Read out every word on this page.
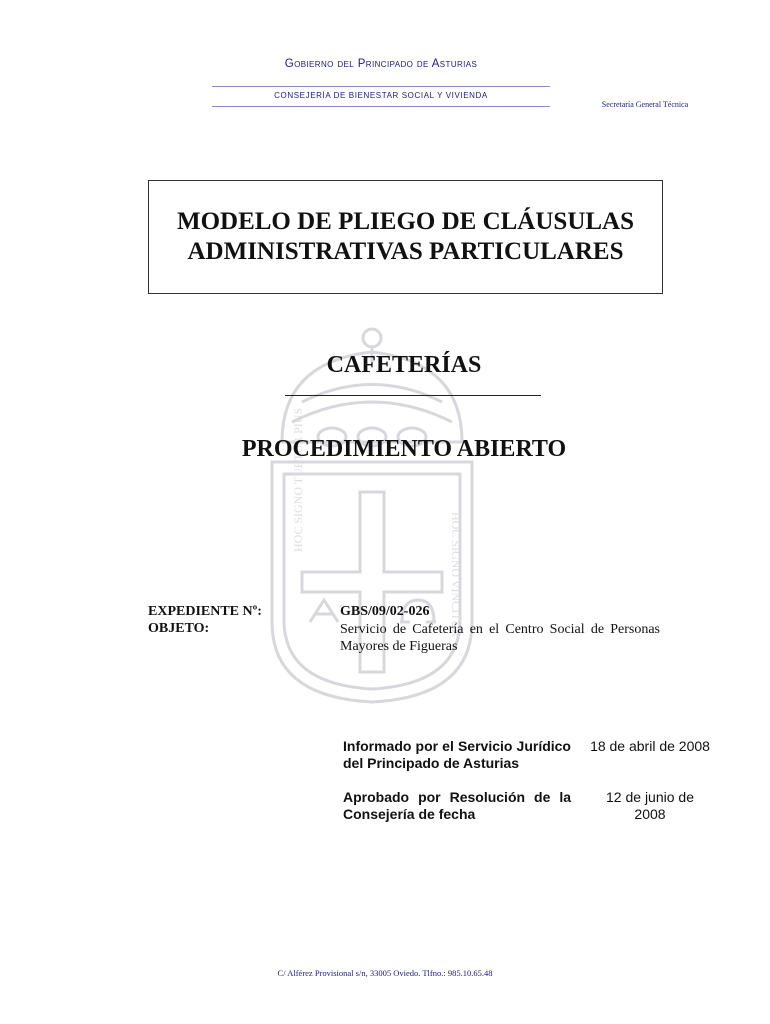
HOC SIGNO TUETUR PIUS
HOC SIGNO VINCITUR
Gobierno del Principado de Asturias
CONSEJERÍA DE BIENESTAR SOCIAL Y VIVIENDA
Secretaría General Técnica
MODELO DE PLIEGO DE CLÁUSULAS
ADMINISTRATIVAS PARTICULARES
CAFETERÍAS
PROCEDIMIENTO ABIERTO
EXPEDIENTE Nº:	GBS/09/02-026
OBJETO:	Servicio de Cafetería en el Centro Social de Personas Mayores de Figueras
Informado por el Servicio Jurídico del Principado de Asturias
18 de abril de 2008
Aprobado por Resolución de la Consejería de fecha
12 de junio de
2008
C/ Alférez Provisional s/n, 33005 Oviedo. Tlfno.: 985.10.65.48
